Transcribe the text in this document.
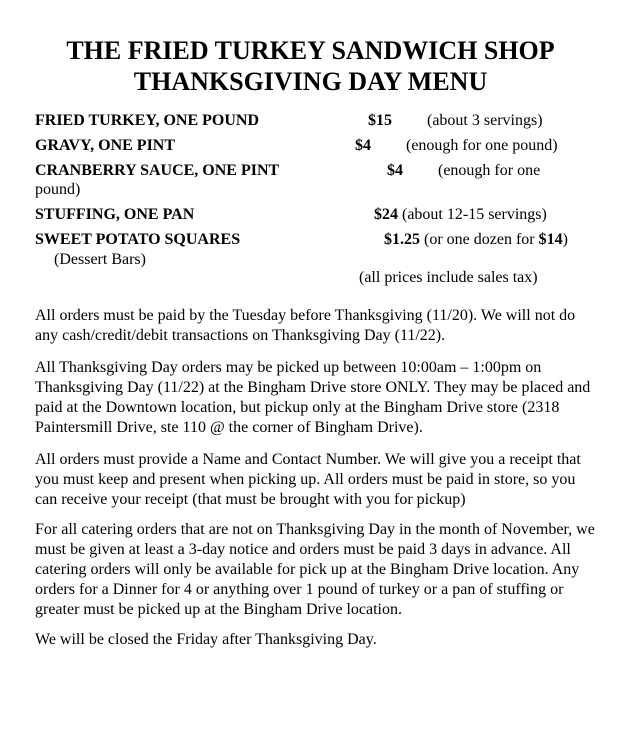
THE FRIED TURKEY SANDWICH SHOP
THANKSGIVING DAY MENU
FRIED TURKEY, ONE POUND	$15 (about 3 servings)
GRAVY, ONE PINT	$4 (enough for one pound)
CRANBERRY SAUCE, ONE PINT	$4 (enough for one
pound)
STUFFING, ONE PAN	$24 (about 12-15 servings)
SWEET POTATO SQUARES	$1.25 (or one dozen for $14)
(Dessert Bars)
(all prices include sales tax)
All orders must be paid by the Tuesday before Thanksgiving (11/20). We will not do any cash/credit/debit transactions on Thanksgiving Day (11/22).
All Thanksgiving Day orders may be picked up between 10:00am – 1:00pm on Thanksgiving Day (11/22) at the Bingham Drive store ONLY. They may be placed and paid at the Downtown location, but pickup only at the Bingham Drive store (2318 Paintersmill Drive, ste 110 @ the corner of Bingham Drive).
All orders must provide a Name and Contact Number. We will give you a receipt that you must keep and present when picking up. All orders must be paid in store, so you can receive your receipt (that must be brought with you for pickup)
For all catering orders that are not on Thanksgiving Day in the month of November, we must be given at least a 3-day notice and orders must be paid 3 days in advance. All catering orders will only be available for pick up at the Bingham Drive location. Any orders for a Dinner for 4 or anything over 1 pound of turkey or a pan of stuffing or greater must be picked up at the Bingham Drive location.
We will be closed the Friday after Thanksgiving Day.
